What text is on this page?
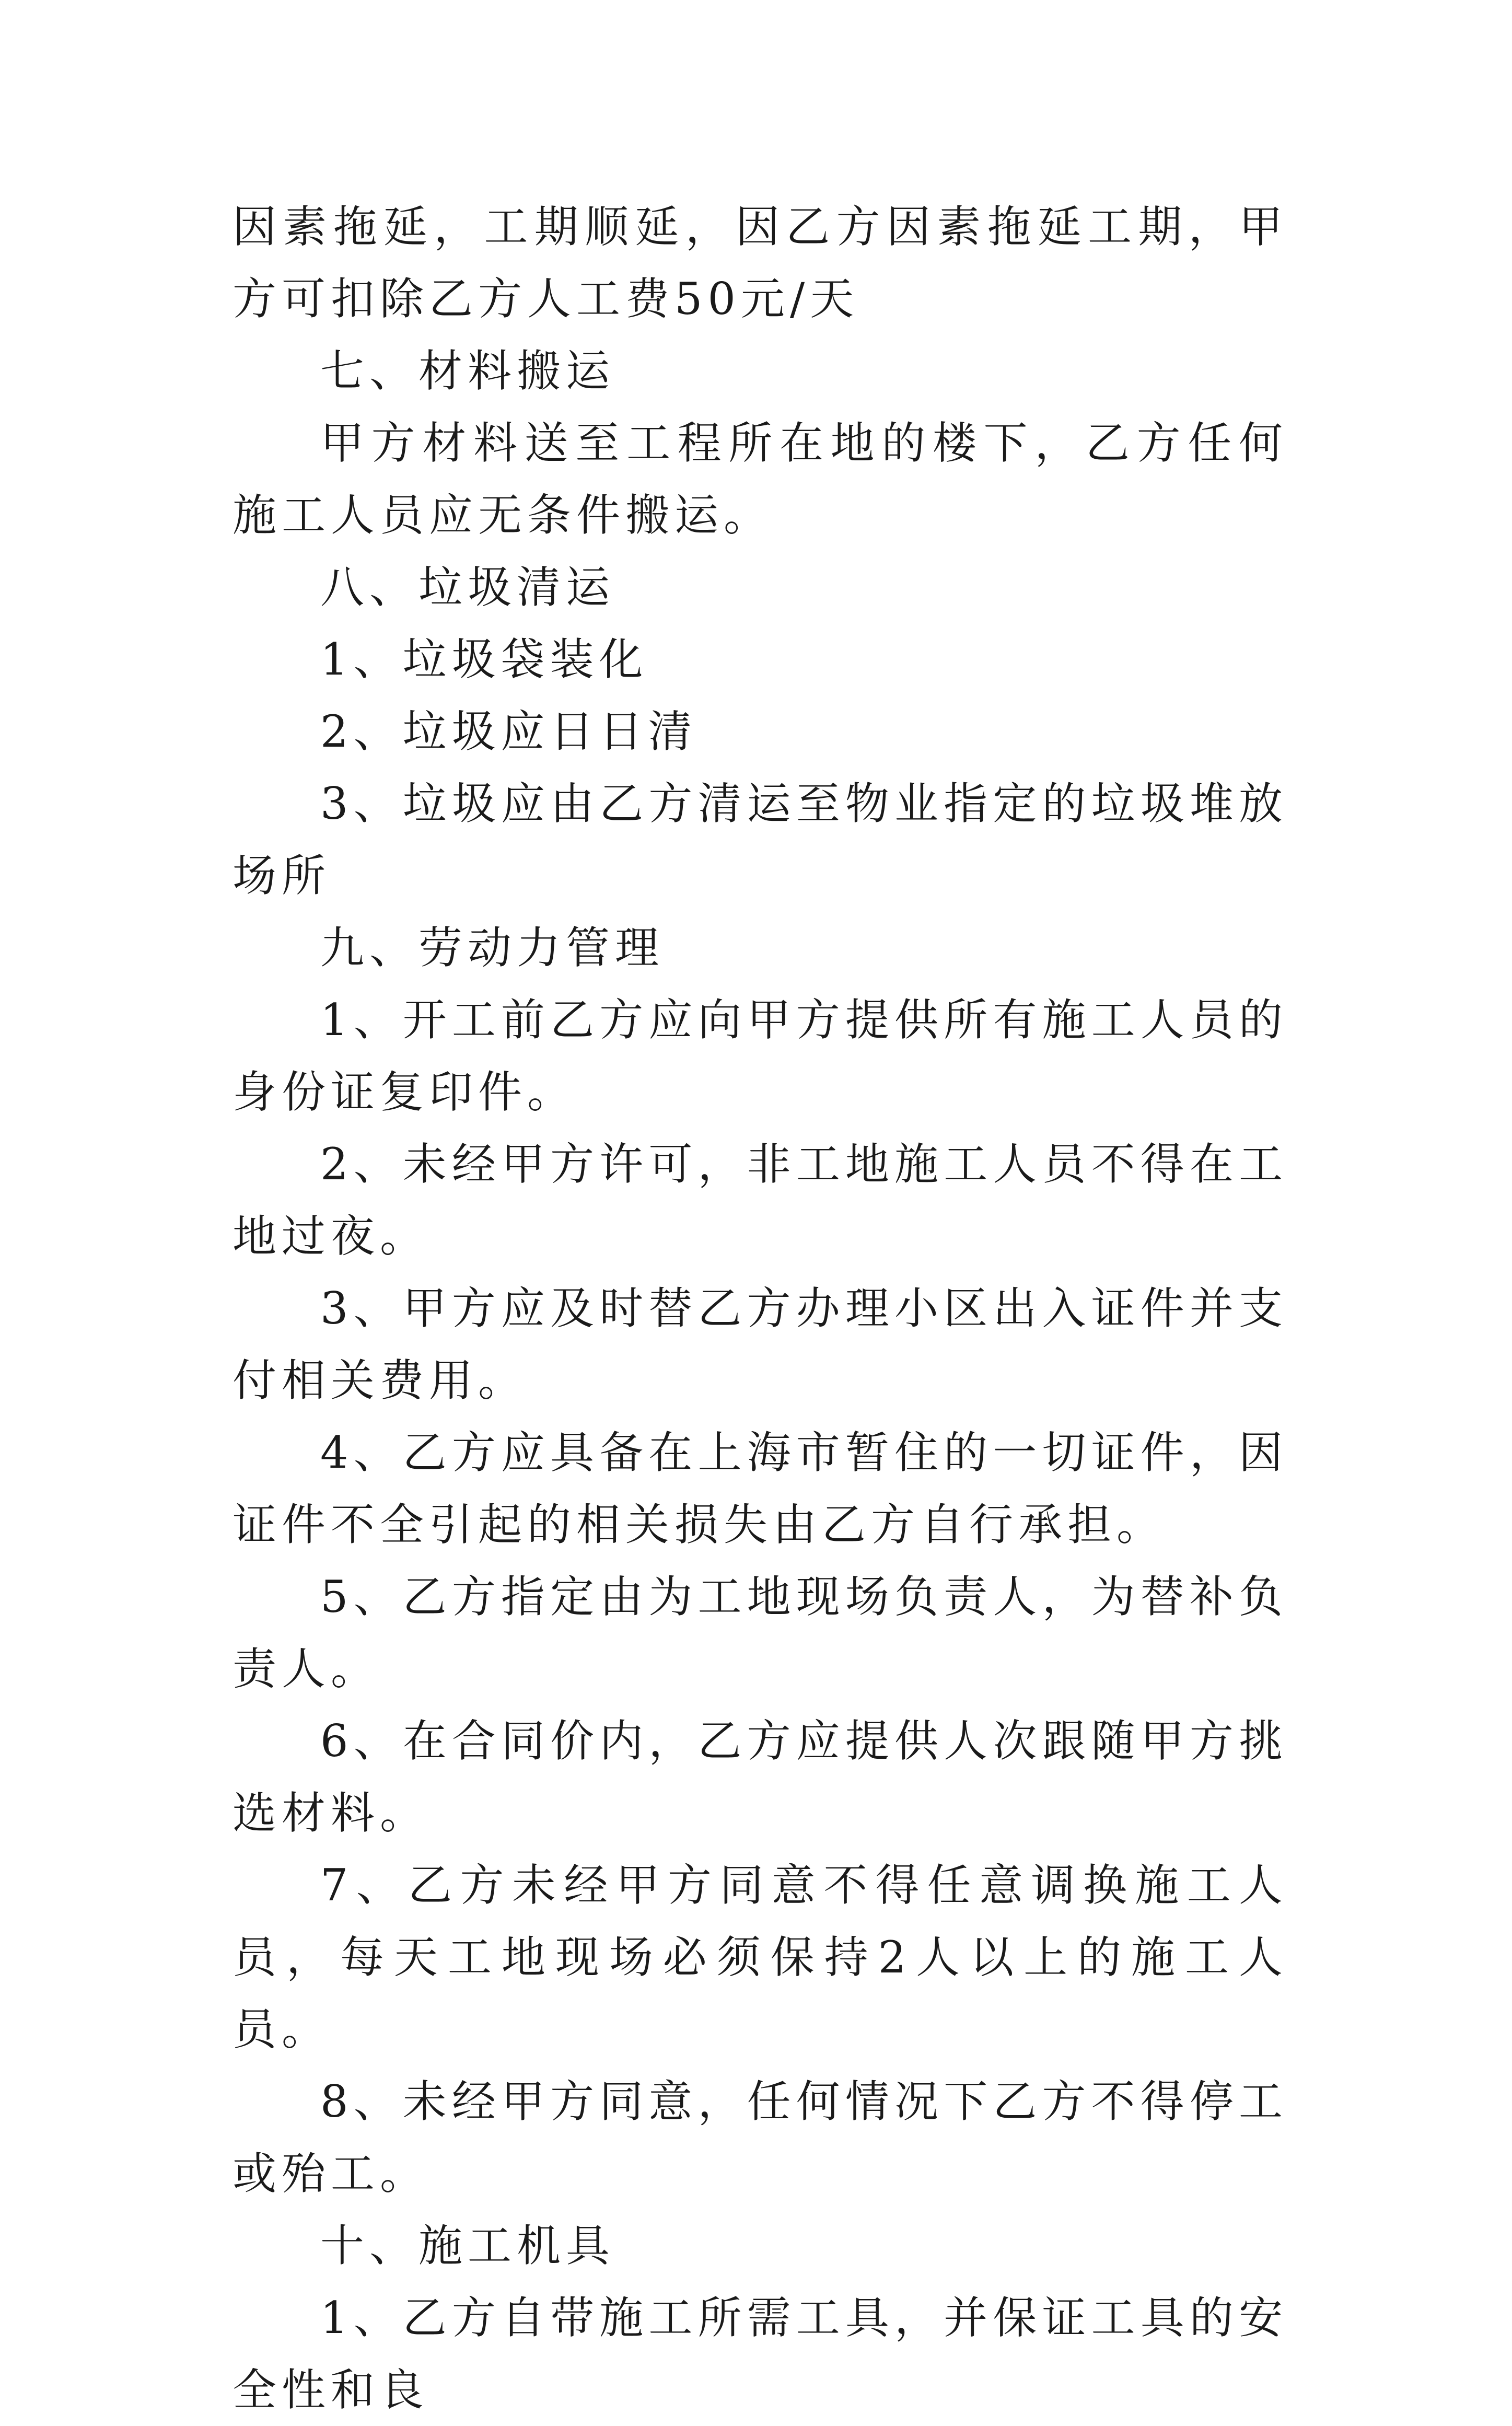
因素拖延，工期顺延，因乙方因素拖延工期，甲方可扣除乙方人工费50元/天

七、材料搬运

甲方材料送至工程所在地的楼下，乙方任何施工人员应无条件搬运。

八、垃圾清运

1、垃圾袋装化

2、垃圾应日日清

3、垃圾应由乙方清运至物业指定的垃圾堆放场所

九、劳动力管理

1、开工前乙方应向甲方提供所有施工人员的身份证复印件。

2、未经甲方许可，非工地施工人员不得在工地过夜。

3、甲方应及时替乙方办理小区出入证件并支付相关费用。

4、乙方应具备在上海市暂住的一切证件，因证件不全引起的相关损失由乙方自行承担。

5、乙方指定由为工地现场负责人，为替补负责人。

6、在合同价内，乙方应提供人次跟随甲方挑选材料。

7、乙方未经甲方同意不得任意调换施工人员，每天工地现场必须保持2人以上的施工人员。

8、未经甲方同意，任何情况下乙方不得停工或殆工。

十、施工机具

1、乙方自带施工所需工具，并保证工具的安全性和良
